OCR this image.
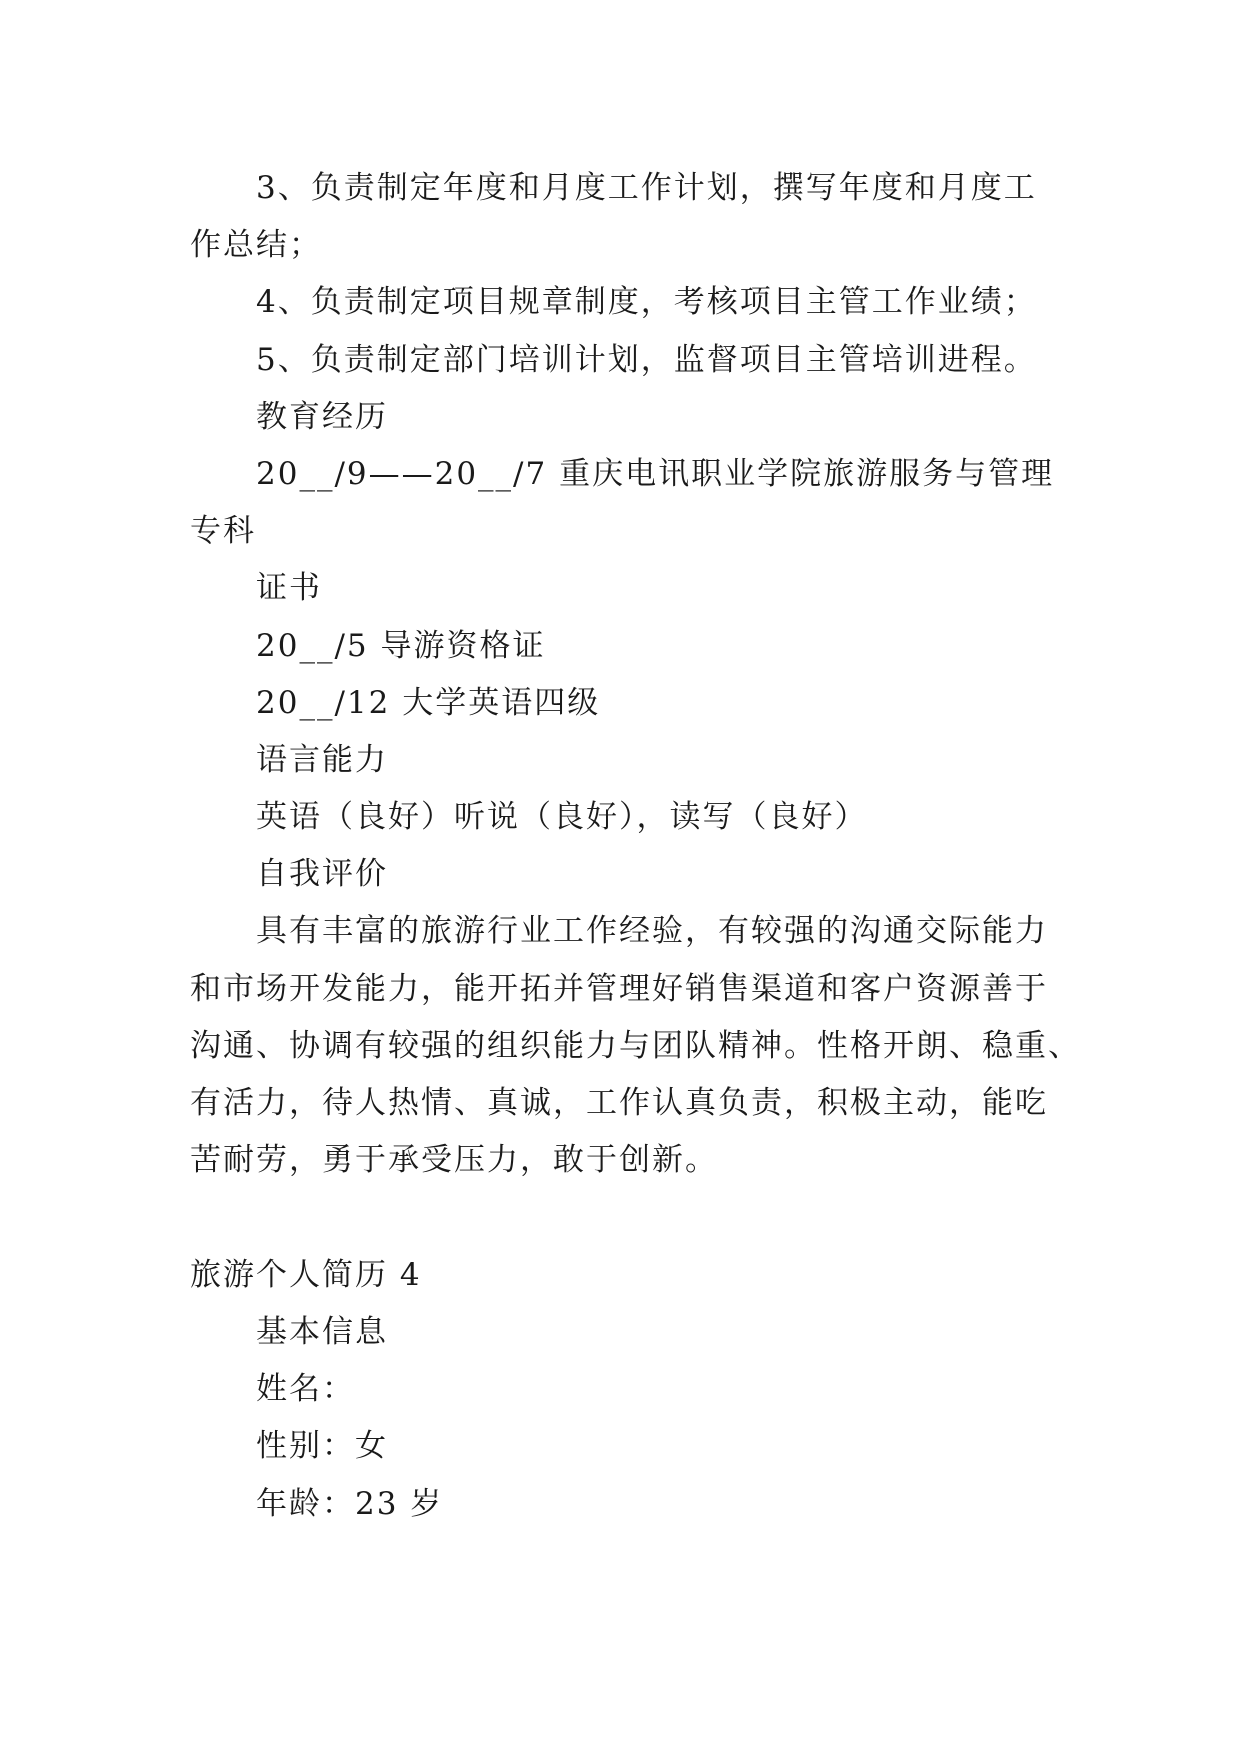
3、负责制定年度和月度工作计划，撰写年度和月度工
作总结；
4、负责制定项目规章制度，考核项目主管工作业绩；
5、负责制定部门培训计划，监督项目主管培训进程。
教育经历
20__/9——20__/7 重庆电讯职业学院旅游服务与管理
专科
证书
20__/5 导游资格证
20__/12 大学英语四级
语言能力
英语（良好）听说（良好），读写（良好）
自我评价
具有丰富的旅游行业工作经验，有较强的沟通交际能力
和市场开发能力，能开拓并管理好销售渠道和客户资源善于
沟通、协调有较强的组织能力与团队精神。性格开朗、稳重、
有活力，待人热情、真诚，工作认真负责，积极主动，能吃
苦耐劳，勇于承受压力，敢于创新。
旅游个人简历 4
基本信息
姓名：
性别：女
年龄：23 岁
